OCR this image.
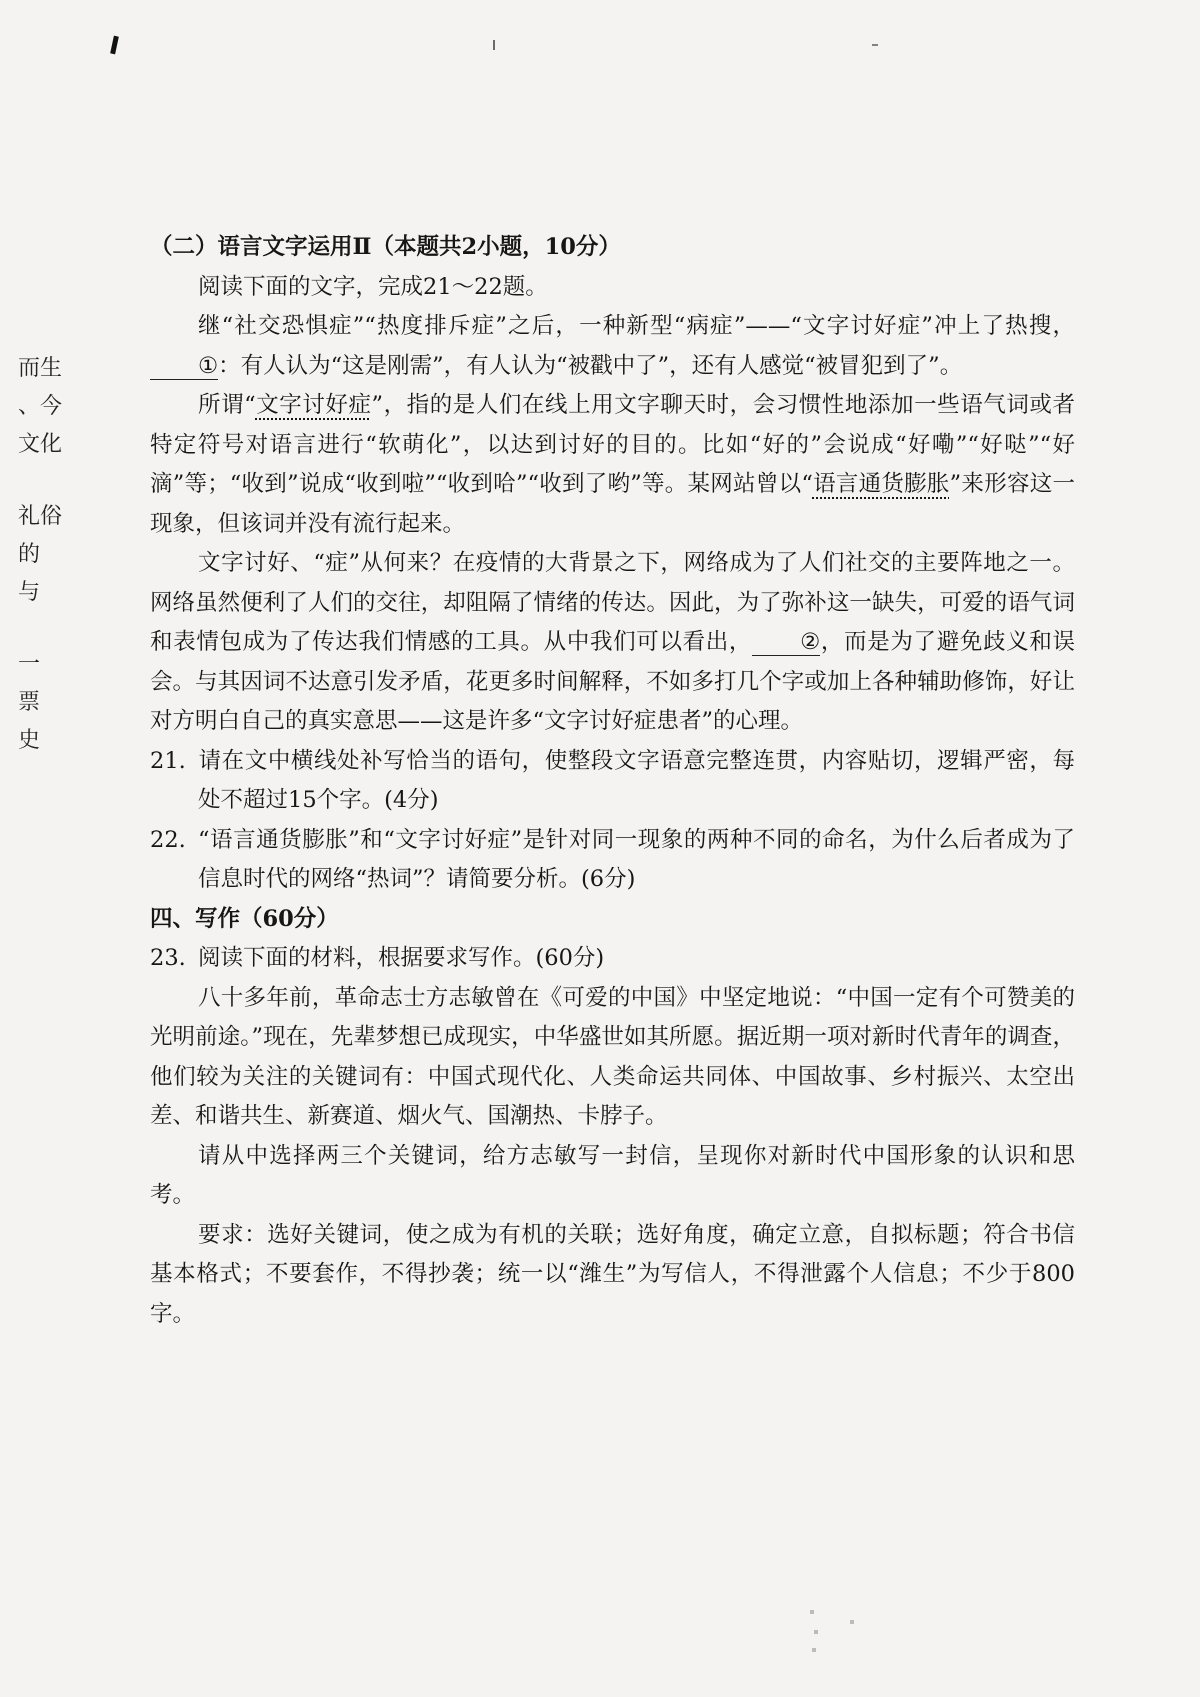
而生
、今
文化
礼俗
的
与
一
票
史

（二）语言文字运用Ⅱ（本题共2小题，10分）

阅读下面的文字，完成21～22题。

继“社交恐惧症”“热度排斥症”之后，一种新型“病症”——“文字讨好症”冲上了热搜，①：有人认为“这是刚需”，有人认为“被戳中了”，还有人感觉“被冒犯到了”。

所谓“文字讨好症”，指的是人们在线上用文字聊天时，会习惯性地添加一些语气词或者特定符号对语言进行“软萌化”，以达到讨好的目的。比如“好的”会说成“好嘞”“好哒”“好滴”等；“收到”说成“收到啦”“收到哈”“收到了哟”等。某网站曾以“语言通货膨胀”来形容这一现象，但该词并没有流行起来。

文字讨好、“症”从何来？在疫情的大背景之下，网络成为了人们社交的主要阵地之一。网络虽然便利了人们的交往，却阻隔了情绪的传达。因此，为了弥补这一缺失，可爱的语气词和表情包成为了传达我们情感的工具。从中我们可以看出， ②，而是为了避免歧义和误会。与其因词不达意引发矛盾，花更多时间解释，不如多打几个字或加上各种辅助修饰，好让对方明白自己的真实意思——这是许多“文字讨好症患者”的心理。

21. 请在文中横线处补写恰当的语句，使整段文字语意完整连贯，内容贴切，逻辑严密，每处不超过15个字。(4分)

22. “语言通货膨胀”和“文字讨好症”是针对同一现象的两种不同的命名，为什么后者成为了信息时代的网络“热词”？请简要分析。(6分)

四、写作（60分）

23. 阅读下面的材料，根据要求写作。(60分)

八十多年前，革命志士方志敏曾在《可爱的中国》中坚定地说：“中国一定有个可赞美的光明前途。”现在，先辈梦想已成现实，中华盛世如其所愿。据近期一项对新时代青年的调查，他们较为关注的关键词有：中国式现代化、人类命运共同体、中国故事、乡村振兴、太空出差、和谐共生、新赛道、烟火气、国潮热、卡脖子。

请从中选择两三个关键词，给方志敏写一封信，呈现你对新时代中国形象的认识和思考。

要求：选好关键词，使之成为有机的关联；选好角度，确定立意，自拟标题；符合书信基本格式；不要套作，不得抄袭；统一以“潍生”为写信人，不得泄露个人信息；不少于800字。
